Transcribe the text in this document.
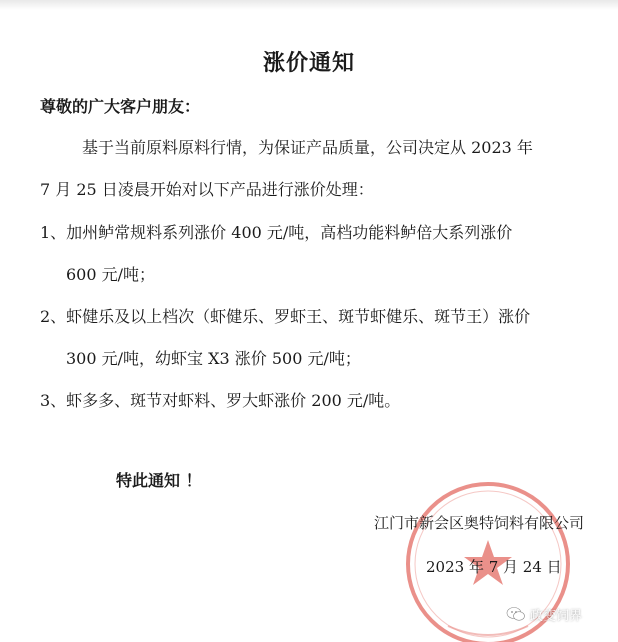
涨价通知
尊敬的广大客户朋友：
基于当前原料原料行情，为保证产品质量，公司决定从 2023 年
7 月 25 日凌晨开始对以下产品进行涨价处理：
1、加州鲈常规料系列涨价 400 元/吨，高档功能料鲈倍大系列涨价
600 元/吨；
2、虾健乐及以上档次（虾健乐、罗虾王、斑节虾健乐、斑节王）涨价
300 元/吨，幼虾宝 X3 涨价 500 元/吨；
3、虾多多、斑节对虾料、罗大虾涨价 200 元/吨。
特此通知 ！
江门市新会区奥特饲料有限公司
2023 年 7 月 24 日
政变饲界
